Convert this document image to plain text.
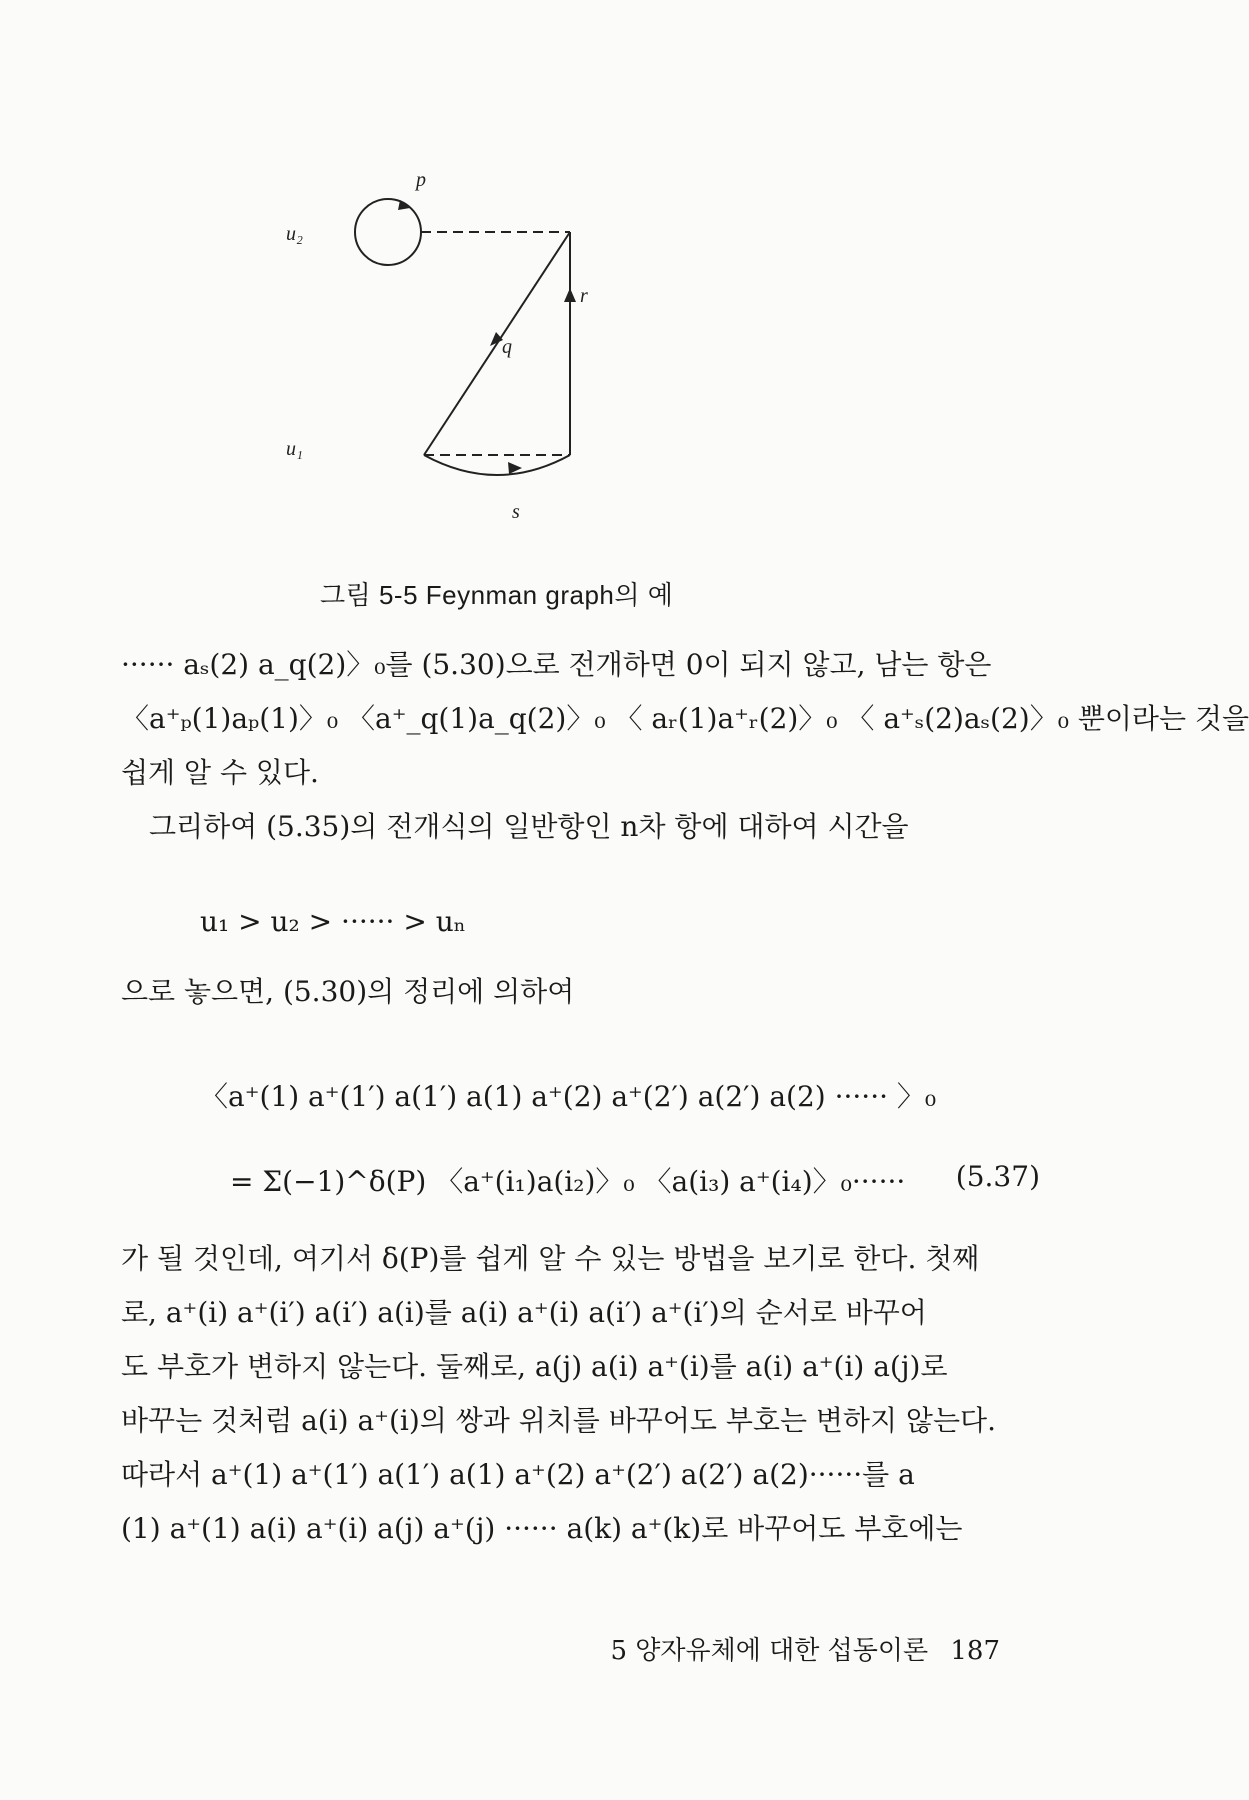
p
u₂
r
q
u₁
s
그림 5-5 Feynman graph의 예

······ aₛ(2) a_q(2)〉₀를 (5.30)으로 전개하면 0이 되지 않고, 남는 항은
〈a⁺ₚ(1)aₚ(1)〉₀ 〈a⁺_q(1)a_q(2)〉₀ 〈 aᵣ(1)a⁺ᵣ(2)〉₀ 〈 a⁺ₛ(2)aₛ(2)〉₀ 뿐이라는 것을
쉽게 알 수 있다.

그리하여 (5.35)의 전개식의 일반항인 n차 항에 대하여 시간을

u₁ > u₂ > ······ > uₙ
으로 놓으면, (5.30)의 정리에 의하여
〈a⁺(1) a⁺(1′) a(1′) a(1) a⁺(2) a⁺(2′) a(2′) a(2) ······ 〉₀
= Σ(−1)^δ(P) 〈a⁺(i₁)a(i₂)〉₀ 〈a(i₃) a⁺(i₄)〉₀······ (5.37)

가 될 것인데, 여기서 δ(P)를 쉽게 알 수 있는 방법을 보기로 한다. 첫째
로, a⁺(i) a⁺(i′) a(i′) a(i)를 a(i) a⁺(i) a(i′) a⁺(i′)의 순서로 바꾸어
도 부호가 변하지 않는다. 둘째로, a(j) a(i) a⁺(i)를 a(i) a⁺(i) a(j)로
바꾸는 것처럼 a(i) a⁺(i)의 쌍과 위치를 바꾸어도 부호는 변하지 않는다.
따라서 a⁺(1) a⁺(1′) a(1′) a(1) a⁺(2) a⁺(2′) a(2′) a(2)······를 a
(1) a⁺(1) a(i) a⁺(i) a(j) a⁺(j) ······ a(k) a⁺(k)로 바꾸어도 부호에는

5 양자유체에 대한 섭동이론 187
